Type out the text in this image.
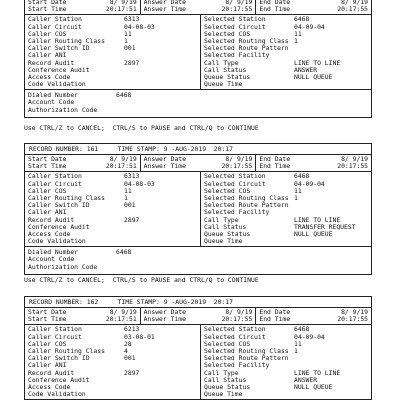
Start Date	8/ 9/19
Start Time	20:17:51
Answer Date	8/ 9/19
Answer Time	20:17:55
End Date	8/ 9/19
End Time	20:17:55
Caller Station	6313
Caller Circuit	04-08-03
Caller COS	11
Caller Routing Class	1
Caller Switch ID	001
Caller ANI
Record Audit	2897
Conference Audit
Access Code
Code Validation
Selected Station	6468
Selected Circuit	04-09-04
Selected COS	11
Selected Routing Class 1
Selected Route Pattern
Selected Facility
Call Type	LINE TO LINE
Call Status	ANSWER
Queue Status	NULL QUEUE
Queue Time
Dialed Number	6468
Account Code
Authorization Code
Use CTRL/Z to CANCEL;  CTRL/S to PAUSE and CTRL/Q to CONTINUE
RECORD NUMBER: 161	TIME STAMP: 9 -AUG-2019  20:17
Start Date	8/ 9/19
Start Time	20:17:51
Answer Date	8/ 9/19
Answer Time	20:17:55
End Date	8/ 9/19
End Time	20:17:55
Caller Station	6313
Caller Circuit	04-08-03
Caller COS	11
Caller Routing Class	1
Caller Switch ID	001
Caller ANI
Record Audit	2897
Conference Audit
Access Code
Code Validation
Selected Station	6468
Selected Circuit	04-09-04
Selected COS	11
Selected Routing Class 1
Selected Route Pattern
Selected Facility
Call Type	LINE TO LINE
Call Status	TRANSFER REQUEST
Queue Status	NULL QUEUE
Queue Time
Dialed Number	6468
Account Code
Authorization Code
Use CTRL/Z to CANCEL;  CTRL/S to PAUSE and CTRL/Q to CONTINUE
RECORD NUMBER: 162	TIME STAMP: 9 -AUG-2019  20:17
Start Date	8/ 9/19
Start Time	20:17:51
Answer Date	8/ 9/19
Answer Time	20:17:55
End Date	8/ 9/19
End Time	20:17:55
Caller Station	6213
Caller Circuit	03-08-01
Caller COS	28
Caller Routing Class	4
Caller Switch ID	001
Caller ANI
Record Audit	2897
Conference Audit
Access Code
Code Validation
Selected Station	6468
Selected Circuit	04-09-04
Selected COS	11
Selected Routing Class 1
Selected Route Pattern
Selected Facility
Call Type	LINE TO LINE
Call Status	ANSWER
Queue Status	NULL QUEUE
Queue Time
